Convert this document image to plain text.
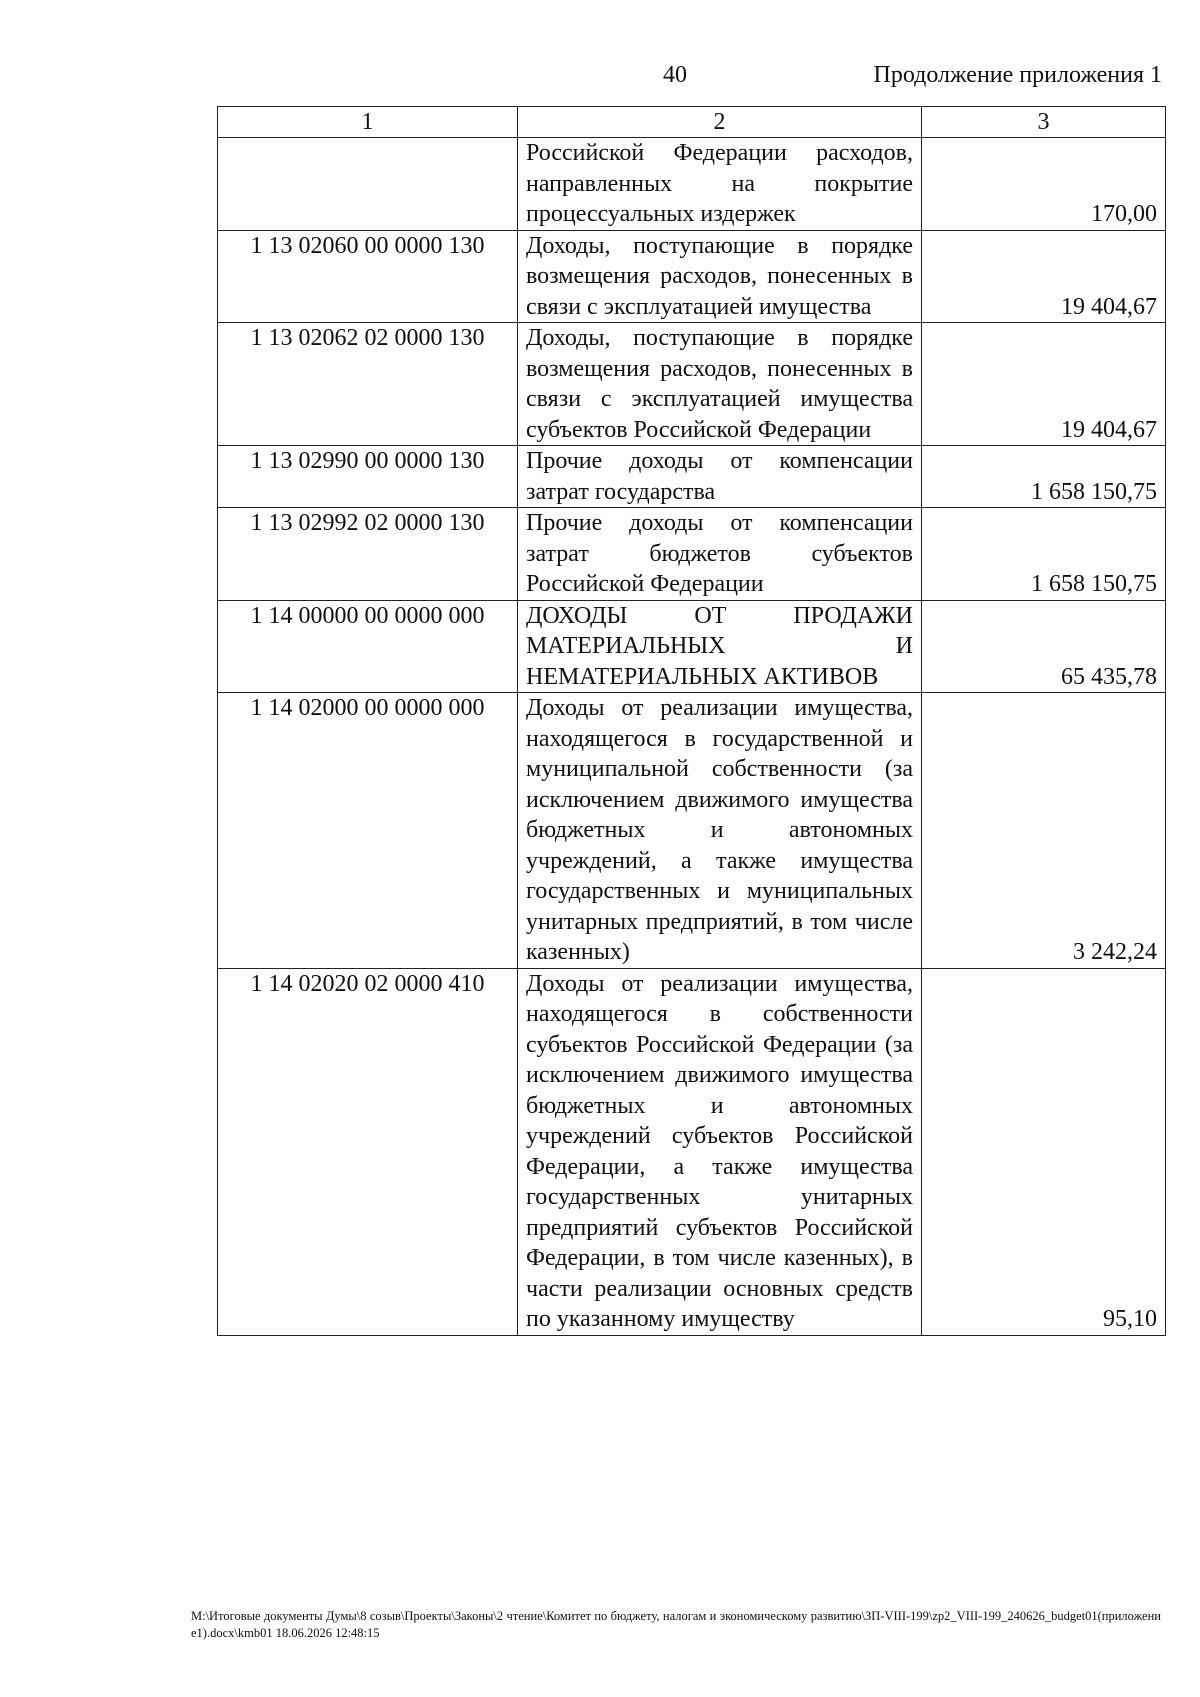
40	Продолжение приложения 1
1	2	3
	Российской Федерации расходов, направленных на покрытие процессуальных издержек	170,00
1 13 02060 00 0000 130	Доходы, поступающие в порядке возмещения расходов, понесенных в связи с эксплуатацией имущества	19 404,67
1 13 02062 02 0000 130	Доходы, поступающие в порядке возмещения расходов, понесенных в связи с эксплуатацией имущества субъектов Российской Федерации	19 404,67
1 13 02990 00 0000 130	Прочие доходы от компенсации затрат государства	1 658 150,75
1 13 02992 02 0000 130	Прочие доходы от компенсации затрат бюджетов субъектов Российской Федерации	1 658 150,75
1 14 00000 00 0000 000	ДОХОДЫ ОТ ПРОДАЖИ МАТЕРИАЛЬНЫХ И НЕМАТЕРИАЛЬНЫХ АКТИВОВ	65 435,78
1 14 02000 00 0000 000	Доходы от реализации имущества, находящегося в государственной и муниципальной собственности (за исключением движимого имущества бюджетных и автономных учреждений, а также имущества государственных и муниципальных унитарных предприятий, в том числе казенных)	3 242,24
1 14 02020 02 0000 410	Доходы от реализации имущества, находящегося в собственности субъектов Российской Федерации (за исключением движимого имущества бюджетных и автономных учреждений субъектов Российской Федерации, а также имущества государственных унитарных предприятий субъектов Российской Федерации, в том числе казенных), в части реализации основных средств по указанному имуществу	95,10
M:\Итоговые документы Думы\8 созыв\Проекты\Законы\2 чтение\Комитет по бюджету, налогам и экономическому развитию\ЗП-VIII-199\zp2_VIII-199_240626_budget01(приложение1).docx\kmb01 18.06.2026 12:48:15
